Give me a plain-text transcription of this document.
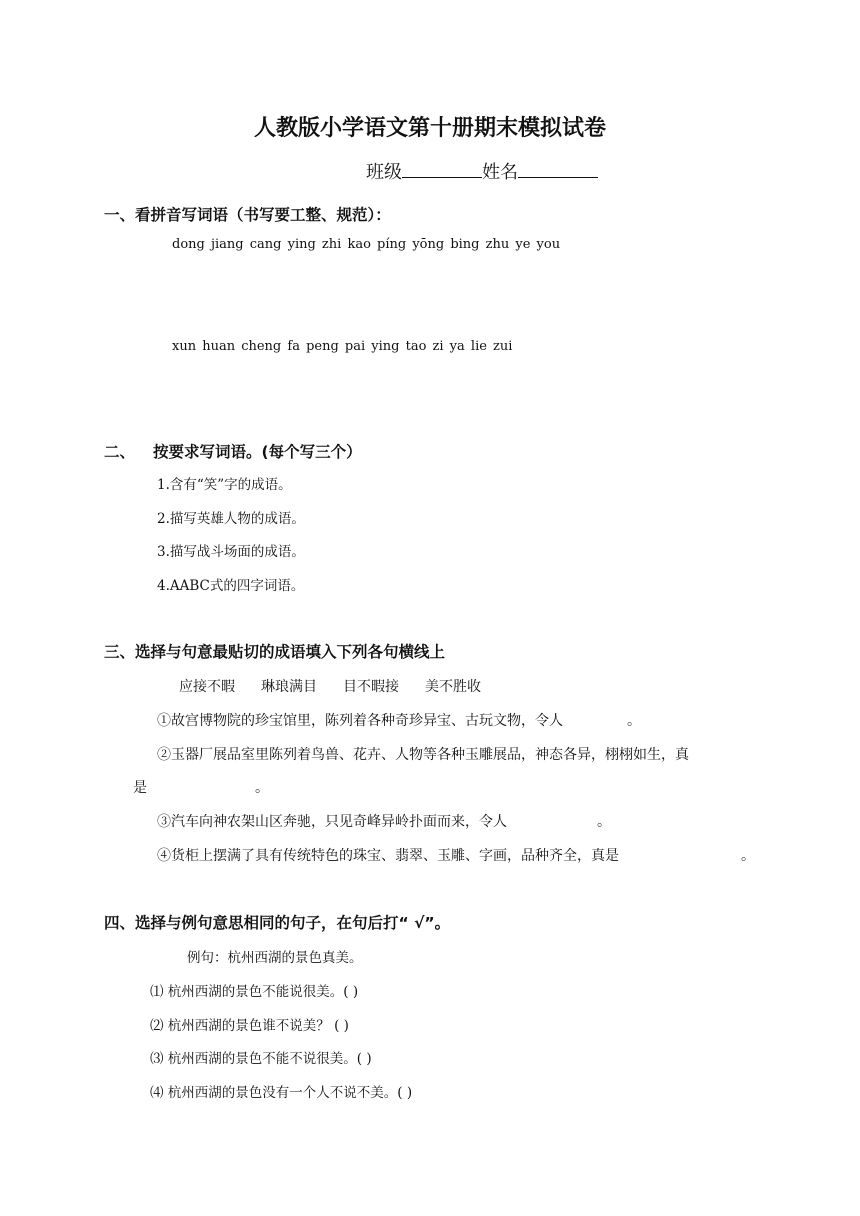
人教版小学语文第十册期末模拟试卷
班级	姓名
一、看拼音写词语（书写要工整、规范）：
dong jiang cang ying zhi kao píng yōng bing zhu ye you
xun huan cheng fa peng pai ying tao zi ya lie zui
二、 按要求写词语。(每个写三个）
1.含有“笑”字的成语。
2.描写英雄人物的成语。
3.描写战斗场面的成语。
4.AABC式的四字词语。
三、选择与句意最贴切的成语填入下列各句横线上
应接不暇 琳琅满目 目不暇接 美不胜收
①故宫博物院的珍宝馆里，陈列着各种奇珍异宝、古玩文物，令人	。
②玉器厂展品室里陈列着鸟兽、花卉、人物等各种玉雕展品，神态各异，栩栩如生，真
是	。
③汽车向神农架山区奔驰，只见奇峰异岭扑面而来，令人	。
④货柜上摆满了具有传统特色的珠宝、翡翠、玉雕、字画，品种齐全，真是	。
四、选择与例句意思相同的句子，在句后打“ √”。
例句：杭州西湖的景色真美。
⑴ 杭州西湖的景色不能说很美。( )
⑵ 杭州西湖的景色谁不说美？ ( )
⑶ 杭州西湖的景色不能不说很美。( )
⑷ 杭州西湖的景色没有一个人不说不美。( )
